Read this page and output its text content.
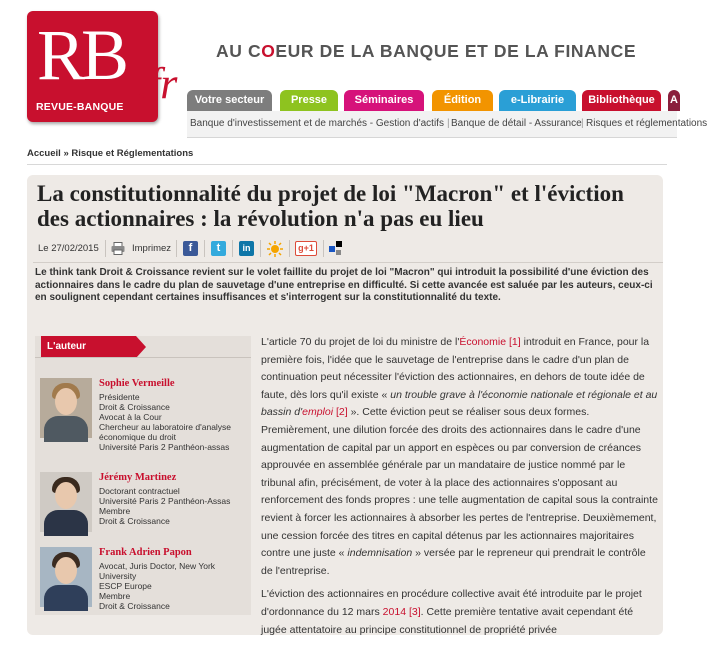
RB
REVUE-BANQUE .fr
AU COEUR DE LA BANQUE ET DE LA FINANCE
Votre secteur	Presse	Séminaires	Édition	e-Librairie	Bibliothèque	A
Banque d'investissement et de marchés - Gestion d'actifs | Banque de détail - Assurance | Risques et réglementations
Accueil » Risque et Réglementations
La constitutionnalité du projet de loi "Macron" et l'éviction des actionnaires : la révolution n'a pas eu lieu
Le 27/02/2015	Imprimez	f	t	in	g+1

Le think tank Droit & Croissance revient sur le volet faillite du projet de loi "Macron" qui introduit la possibilité d'une éviction des actionnaires dans le cadre du plan de sauvetage d'une entreprise en difficulté. Si cette avancée est saluée par les auteurs, ceux-ci en soulignent cependant certaines insuffisances et s'interrogent sur la constitutionnalité du texte.

L'auteur
Sophie Vermeille
Présidente
Droit & Croissance
Avocat à la Cour
Chercheur au laboratoire d'analyse économique du droit
Université Paris 2 Panthéon-assas
Jérémy Martinez
Doctorant contractuel
Université Paris 2 Panthéon-Assas
Membre
Droit & Croissance
Frank Adrien Papon
Avocat, Juris Doctor, New York University
ESCP Europe
Membre
Droit & Croissance

L'article 70 du projet de loi du ministre de l'Économie [1] introduit en France, pour la première fois, l'idée que le sauvetage de l'entreprise dans le cadre d'un plan de continuation peut nécessiter l'éviction des actionnaires, en dehors de toute idée de faute, dès lors qu'il existe « un trouble grave à l'économie nationale et régionale et au bassin d'emploi [2] ». Cette éviction peut se réaliser sous deux formes. Premièrement, une dilution forcée des droits des actionnaires dans le cadre d'une augmentation de capital par un apport en espèces ou par conversion de créances approuvée en assemblée générale par un mandataire de justice nommé par le tribunal afin, précisément, de voter à la place des actionnaires s'opposant au renforcement des fonds propres : une telle augmentation de capital sous la contrainte revient à forcer les actionnaires à absorber les pertes de l'entreprise. Deuxièmement, une cession forcée des titres en capital détenus par les actionnaires majoritaires contre une juste « indemnisation » versée par le repreneur qui prendrait le contrôle de l'entreprise.

L'éviction des actionnaires en procédure collective avait été introduite par le projet d'ordonnance du 12 mars 2014 [3]. Cette première tentative avait cependant été jugée attentatoire au principe constitutionnel de propriété privée
